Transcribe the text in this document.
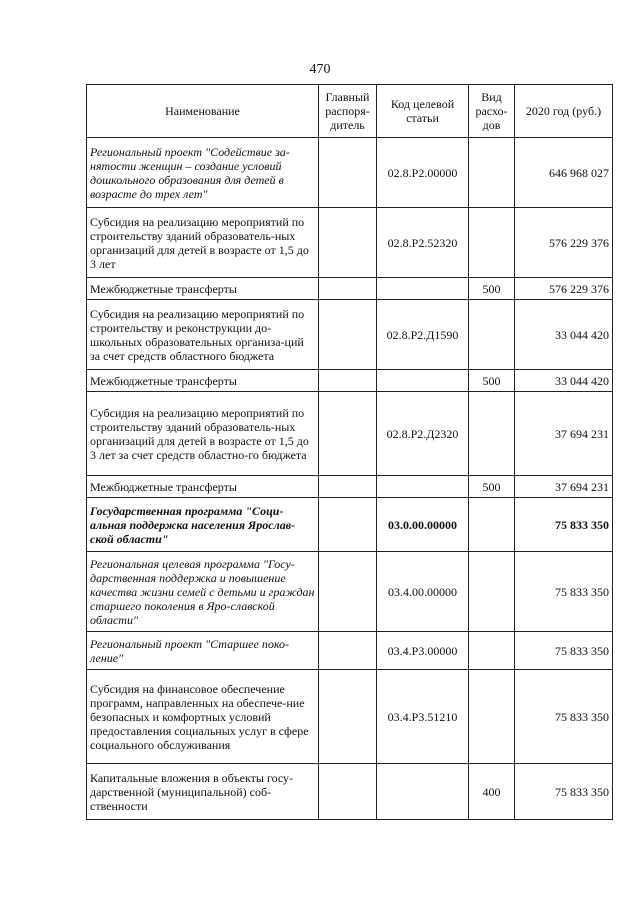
470
Наименование	Главный распоря-дитель	Код целевой статьи	Вид расхо-дов	2020 год (руб.)
Региональный проект "Содействие за-нятости женщин – создание условий дошкольного образования для детей в возрасте до трех лет"		02.8.Р2.00000		646 968 027
Субсидия на реализацию мероприятий по строительству зданий образователь-ных организаций для детей в возрасте от 1,5 до 3 лет		02.8.Р2.52320		576 229 376
Межбюджетные трансферты			500	576 229 376
Субсидия на реализацию мероприятий по строительству и реконструкции до-школьных образовательных организа-ций за счет средств областного бюджета		02.8.Р2.Д1590		33 044 420
Межбюджетные трансферты			500	33 044 420
Субсидия на реализацию мероприятий по строительству зданий образователь-ных организаций для детей в возрасте от 1,5 до 3 лет за счет средств областно-го бюджета		02.8.Р2.Д2320		37 694 231
Межбюджетные трансферты			500	37 694 231
Государственная программа "Соци-альная поддержка населения Ярослав-ской области"		03.0.00.00000		75 833 350
Региональная целевая программа "Госу-дарственная поддержка и повышение качества жизни семей с детьми и граждан старшего поколения в Яро-славской области"		03.4.00.00000		75 833 350
Региональный проект "Старшее поко-ление"		03.4.Р3.00000		75 833 350
Субсидия на финансовое обеспечение программ, направленных на обеспече-ние безопасных и комфортных условий предоставления социальных услуг в сфере социального обслуживания		03.4.Р3.51210		75 833 350
Капитальные вложения в объекты госу-дарственной (муниципальной) соб-ственности			400	75 833 350
